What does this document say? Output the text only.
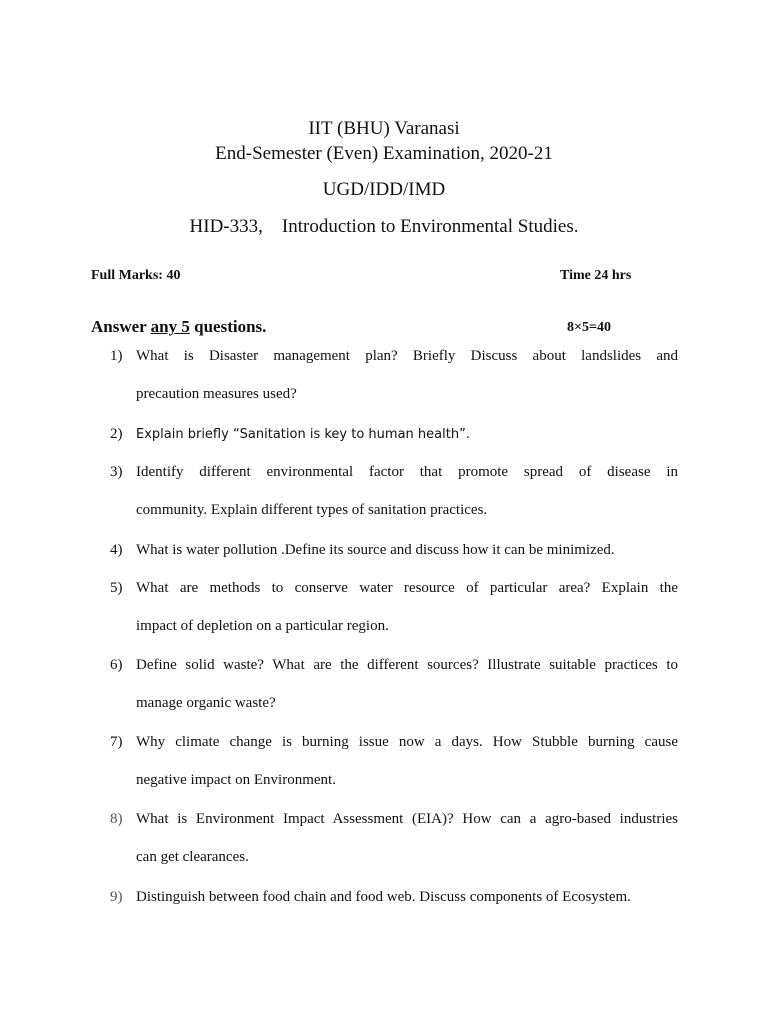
IIT (BHU) Varanasi
End-Semester (Even) Examination, 2020-21
UGD/IDD/IMD
HID-333, Introduction to Environmental Studies.
Full Marks: 40	Time 24 hrs
Answer any 5 questions.	8×5=40
1) What is Disaster management plan? Briefly Discuss about landslides and
precaution measures used?
2)	Explain briefly “Sanitation is key to human health”.
3) Identify different environmental factor that promote spread of disease in
community. Explain different types of sanitation practices.
4) What is water pollution .Define its source and discuss how it can be minimized.
5) What are methods to conserve water resource of particular area? Explain the
impact of depletion on a particular region.
6) Define solid waste? What are the different sources? Illustrate suitable practices to
manage organic waste?
7) Why climate change is burning issue now a days. How Stubble burning cause
negative impact on Environment.
8) What is Environment Impact Assessment (EIA)? How can a agro-based industries
can get clearances.
9) Distinguish between food chain and food web. Discuss components of Ecosystem.
